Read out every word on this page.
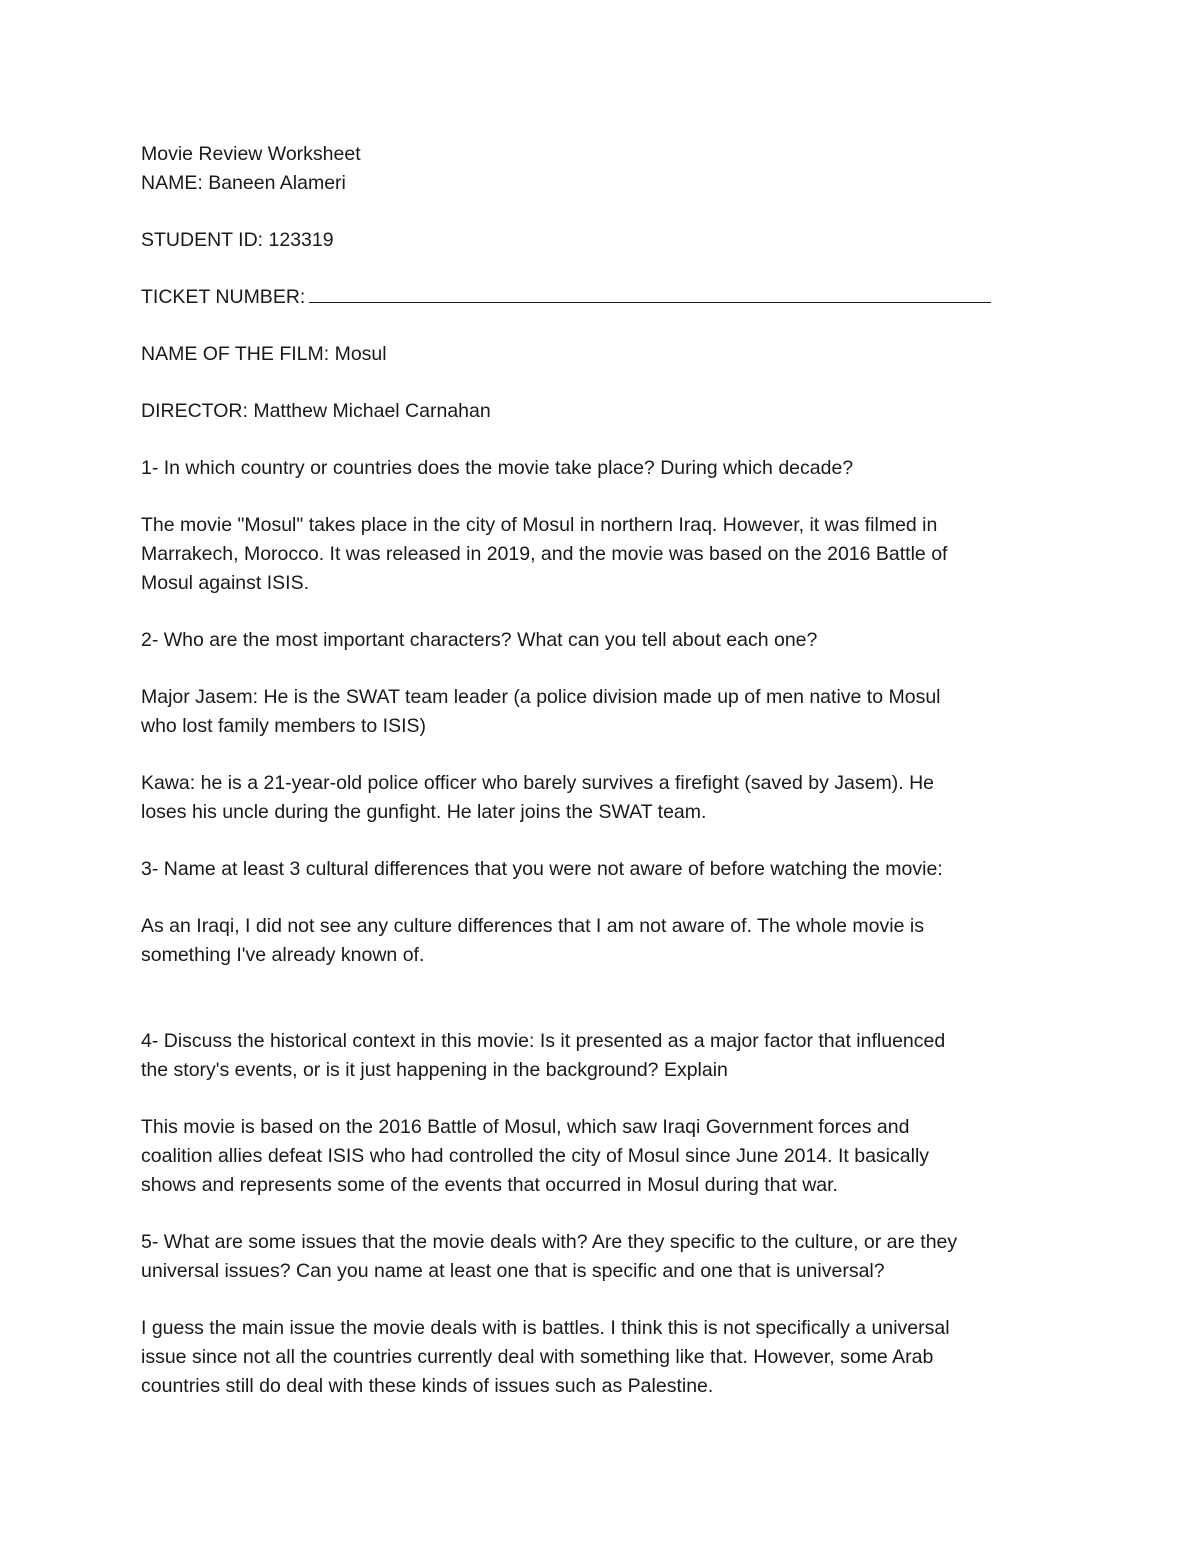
Movie Review Worksheet
NAME: Baneen Alameri
STUDENT ID: 123319
TICKET NUMBER:
NAME OF THE FILM: Mosul
DIRECTOR: Matthew Michael Carnahan
1- In which country or countries does the movie take place? During which decade?
The movie "Mosul" takes place in the city of Mosul in northern Iraq. However, it was filmed in
Marrakech, Morocco. It was released in 2019, and the movie was based on the 2016 Battle of
Mosul against ISIS.
2- Who are the most important characters? What can you tell about each one?
Major Jasem: He is the SWAT team leader (a police division made up of men native to Mosul
who lost family members to ISIS)
Kawa: he is a 21-year-old police officer who barely survives a firefight (saved by Jasem). He
loses his uncle during the gunfight. He later joins the SWAT team.
3- Name at least 3 cultural differences that you were not aware of before watching the movie:
As an Iraqi, I did not see any culture differences that I am not aware of. The whole movie is
something I've already known of.
4- Discuss the historical context in this movie: Is it presented as a major factor that influenced
the story's events, or is it just happening in the background? Explain
This movie is based on the 2016 Battle of Mosul, which saw Iraqi Government forces and
coalition allies defeat ISIS who had controlled the city of Mosul since June 2014. It basically
shows and represents some of the events that occurred in Mosul during that war.
5- What are some issues that the movie deals with? Are they specific to the culture, or are they
universal issues? Can you name at least one that is specific and one that is universal?
I guess the main issue the movie deals with is battles. I think this is not specifically a universal
issue since not all the countries currently deal with something like that. However, some Arab
countries still do deal with these kinds of issues such as Palestine.
